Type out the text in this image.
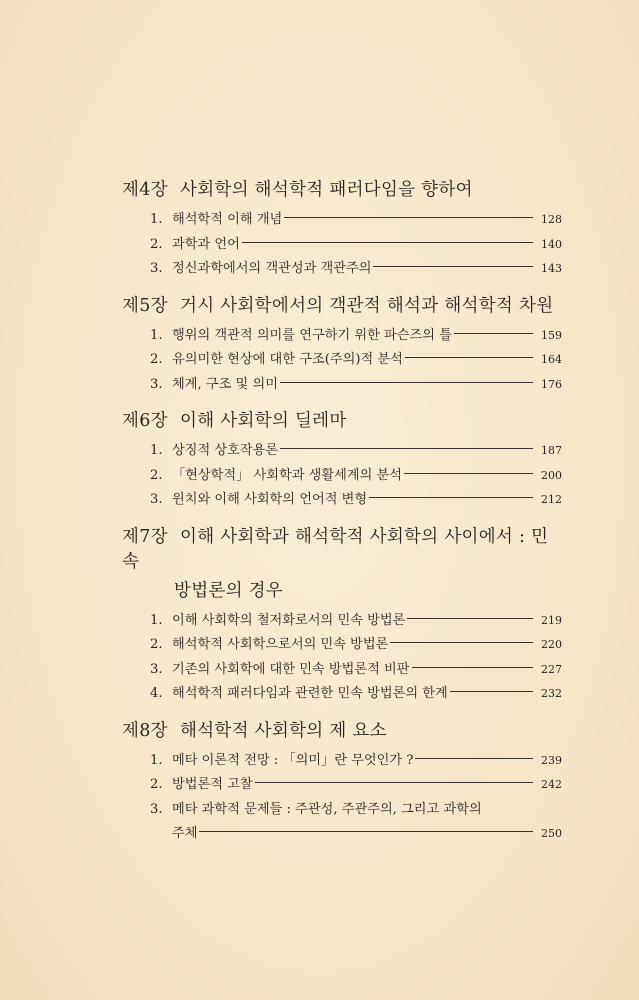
제4장 사회학의 해석학적 패러다임을 향하여
1. 해석학적 이해 개념	128
2. 과학과 언어	140
3. 정신과학에서의 객관성과 객관주의	143
제5장 거시 사회학에서의 객관적 해석과 해석학적 차원
1. 행위의 객관적 의미를 연구하기 위한 파슨즈의 틀	159
2. 유의미한 현상에 대한 구조(주의)적 분석	164
3. 체계, 구조 및 의미	176
제6장 이해 사회학의 딜레마
1. 상징적 상호작용론	187
2. 「현상학적」 사회학과 생활세계의 분석	200
3. 윈치와 이해 사회학의 언어적 변형	212
제7장 이해 사회학과 해석학적 사회학의 사이에서 : 민속
방법론의 경우
1. 이해 사회학의 철저화로서의 민속 방법론	219
2. 해석학적 사회학으로서의 민속 방법론	220
3. 기존의 사회학에 대한 민속 방법론적 비판	227
4. 해석학적 패러다임과 관련한 민속 방법론의 한계	232
제8장 해석학적 사회학의 제 요소
1. 메타 이론적 전망 : 「의미」란 무엇인가 ?	239
2. 방법론적 고찰	242
3. 메타 과학적 문제들 : 주관성, 주관주의, 그리고 과학의
주체	250
